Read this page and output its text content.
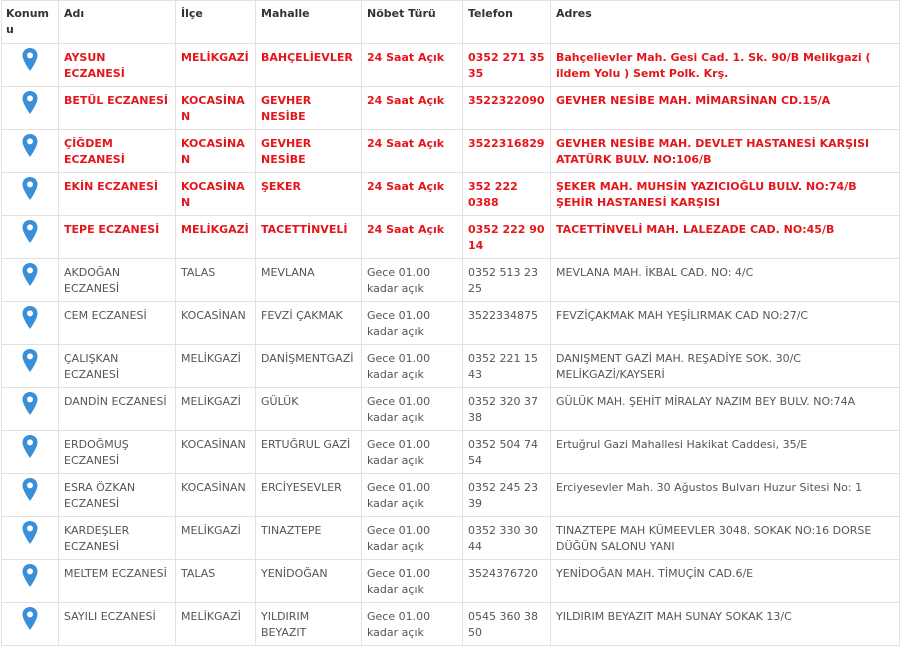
Konumu	Adı	İlçe	Mahalle	Nöbet Türü	Telefon	Adres
	AYSUN ECZANESİ	MELİKGAZİ	BAHÇELİEVLER	24 Saat Açık	0352 271 35 35	Bahçelievler Mah. Gesi Cad. 1. Sk. 90/B Melikgazi ( ildem Yolu ) Semt Polk. Krş.
	BETÜL ECZANESİ	KOCASİNAN	GEVHER NESİBE	24 Saat Açık	3522322090	GEVHER NESİBE MAH. MİMARSİNAN CD.15/A
	ÇİĞDEM ECZANESİ	KOCASİNAN	GEVHER NESİBE	24 Saat Açık	3522316829	GEVHER NESİBE MAH. DEVLET HASTANESİ KARŞISI ATATÜRK BULV. NO:106/B
	EKİN ECZANESİ	KOCASİNAN	ŞEKER	24 Saat Açık	352 222 0388	ŞEKER MAH. MUHSİN YAZICIOĞLU BULV. NO:74/B ŞEHİR HASTANESİ KARŞISI
	TEPE ECZANESİ	MELİKGAZİ	TACETTİNVELİ	24 Saat Açık	0352 222 90 14	TACETTİNVELİ MAH. LALEZADE CAD. NO:45/B
	AKDOĞAN ECZANESİ	TALAS	MEVLANA	Gece 01.00 kadar açık	0352 513 23 25	MEVLANA MAH. İKBAL CAD. NO: 4/C
	CEM ECZANESİ	KOCASİNAN	FEVZİ ÇAKMAK	Gece 01.00 kadar açık	3522334875	FEVZİÇAKMAK MAH YEŞİLIRMAK CAD NO:27/C
	ÇALIŞKAN ECZANESİ	MELİKGAZİ	DANİŞMENTGAZİ	Gece 01.00 kadar açık	0352 221 15 43	DANIŞMENT GAZİ MAH. REŞADİYE SOK. 30/C MELİKGAZİ/KAYSERİ
	DANDİN ECZANESİ	MELİKGAZİ	GÜLÜK	Gece 01.00 kadar açık	0352 320 37 38	GÜLÜK MAH. ŞEHİT MİRALAY NAZIM BEY BULV. NO:74A
	ERDOĞMUŞ ECZANESİ	KOCASİNAN	ERTUĞRUL GAZİ	Gece 01.00 kadar açık	0352 504 74 54	Ertuğrul Gazi Mahallesi Hakikat Caddesi, 35/E
	ESRA ÖZKAN ECZANESİ	KOCASİNAN	ERCİYESEVLER	Gece 01.00 kadar açık	0352 245 23 39	Erciyesevler Mah. 30 Ağustos Bulvarı Huzur Sitesi No: 1
	KARDEŞLER ECZANESİ	MELİKGAZİ	TINAZTEPE	Gece 01.00 kadar açık	0352 330 30 44	TINAZTEPE MAH KÜMEEVLER 3048. SOKAK NO:16 DORSE DÜĞÜN SALONU YANI
	MELTEM ECZANESİ	TALAS	YENİDOĞAN	Gece 01.00 kadar açık	3524376720	YENİDOĞAN MAH. TİMUÇİN CAD.6/E
	SAYILI ECZANESİ	MELİKGAZİ	YILDIRIM BEYAZIT	Gece 01.00 kadar açık	0545 360 38 50	YILDIRIM BEYAZIT MAH SUNAY SOKAK 13/C
